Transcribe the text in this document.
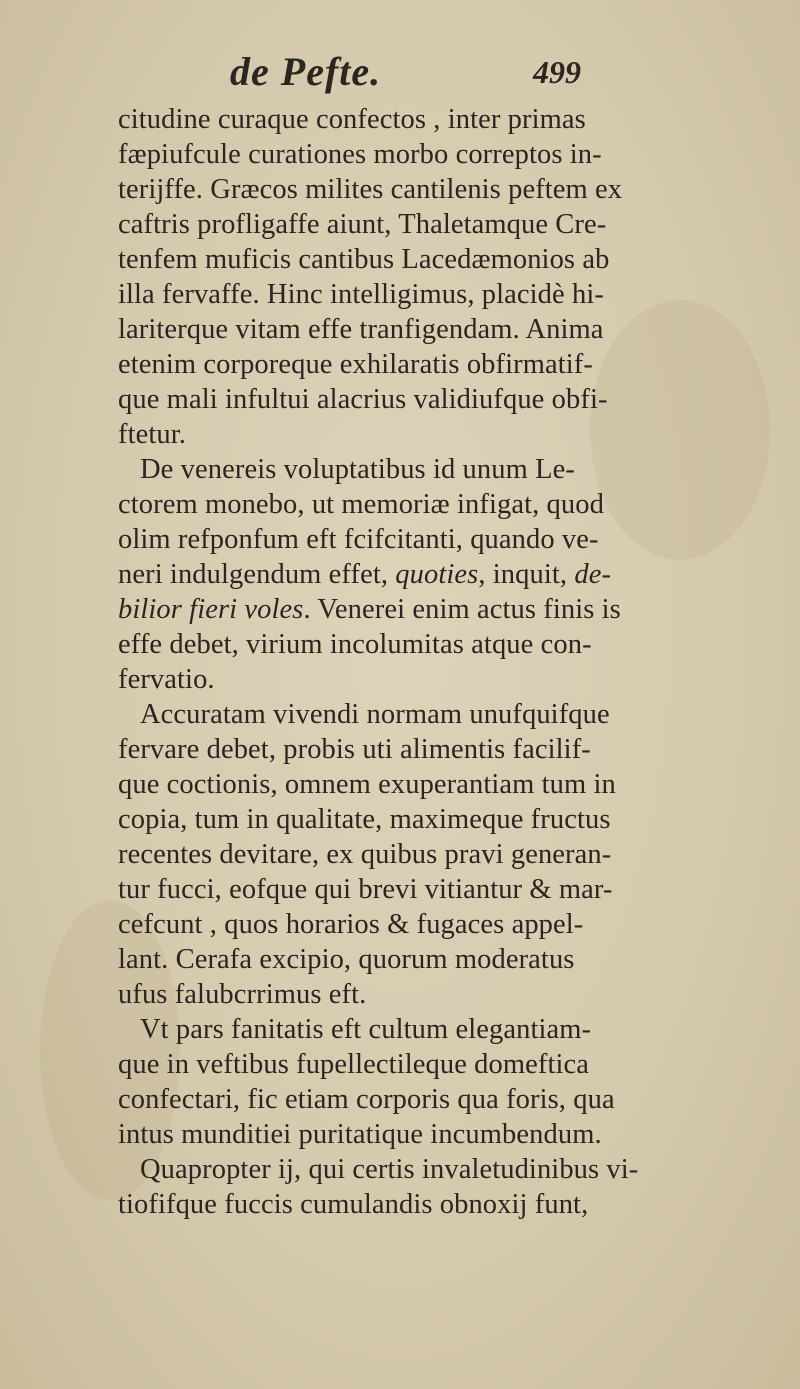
de Pefte.	499
citudine curaque confectos , inter primas
fæpiufcule curationes morbo correptos in-
terijffe. Græcos milites cantilenis peftem ex
caftris profligaffe aiunt, Thaletamque Cre-
tenfem muficis cantibus Lacedæmonios ab
illa fervaffe. Hinc intelligimus, placidè hi-
lariterque vitam effe tranfigendam. Anima
etenim corporeque exhilaratis obfirmatif-
que mali infultui alacrius validiufque obfi-
ftetur.
De venereis voluptatibus id unum Le-
ctorem monebo, ut memoriæ infigat, quod
olim refponfum eft fcifcitanti, quando ve-
neri indulgendum effet, quoties, inquit, de-
bilior fieri voles. Venerei enim actus finis is
effe debet, virium incolumitas atque con-
fervatio.
Accuratam vivendi normam unufquifque
fervare debet, probis uti alimentis facilif-
que coctionis, omnem exuperantiam tum in
copia, tum in qualitate, maximeque fructus
recentes devitare, ex quibus pravi generan-
tur fucci, eofque qui brevi vitiantur & mar-
cefcunt , quos horarios & fugaces appel-
lant. Cerafa excipio, quorum moderatus
ufus falubcrrimus eft.
Vt pars fanitatis eft cultum elegantiam-
que in veftibus fupellectileque domeftica
confectari, fic etiam corporis qua foris, qua
intus munditiei puritatique incumbendum.
Quapropter ij, qui certis invaletudinibus vi-
tiofifque fuccis cumulandis obnoxij funt,
